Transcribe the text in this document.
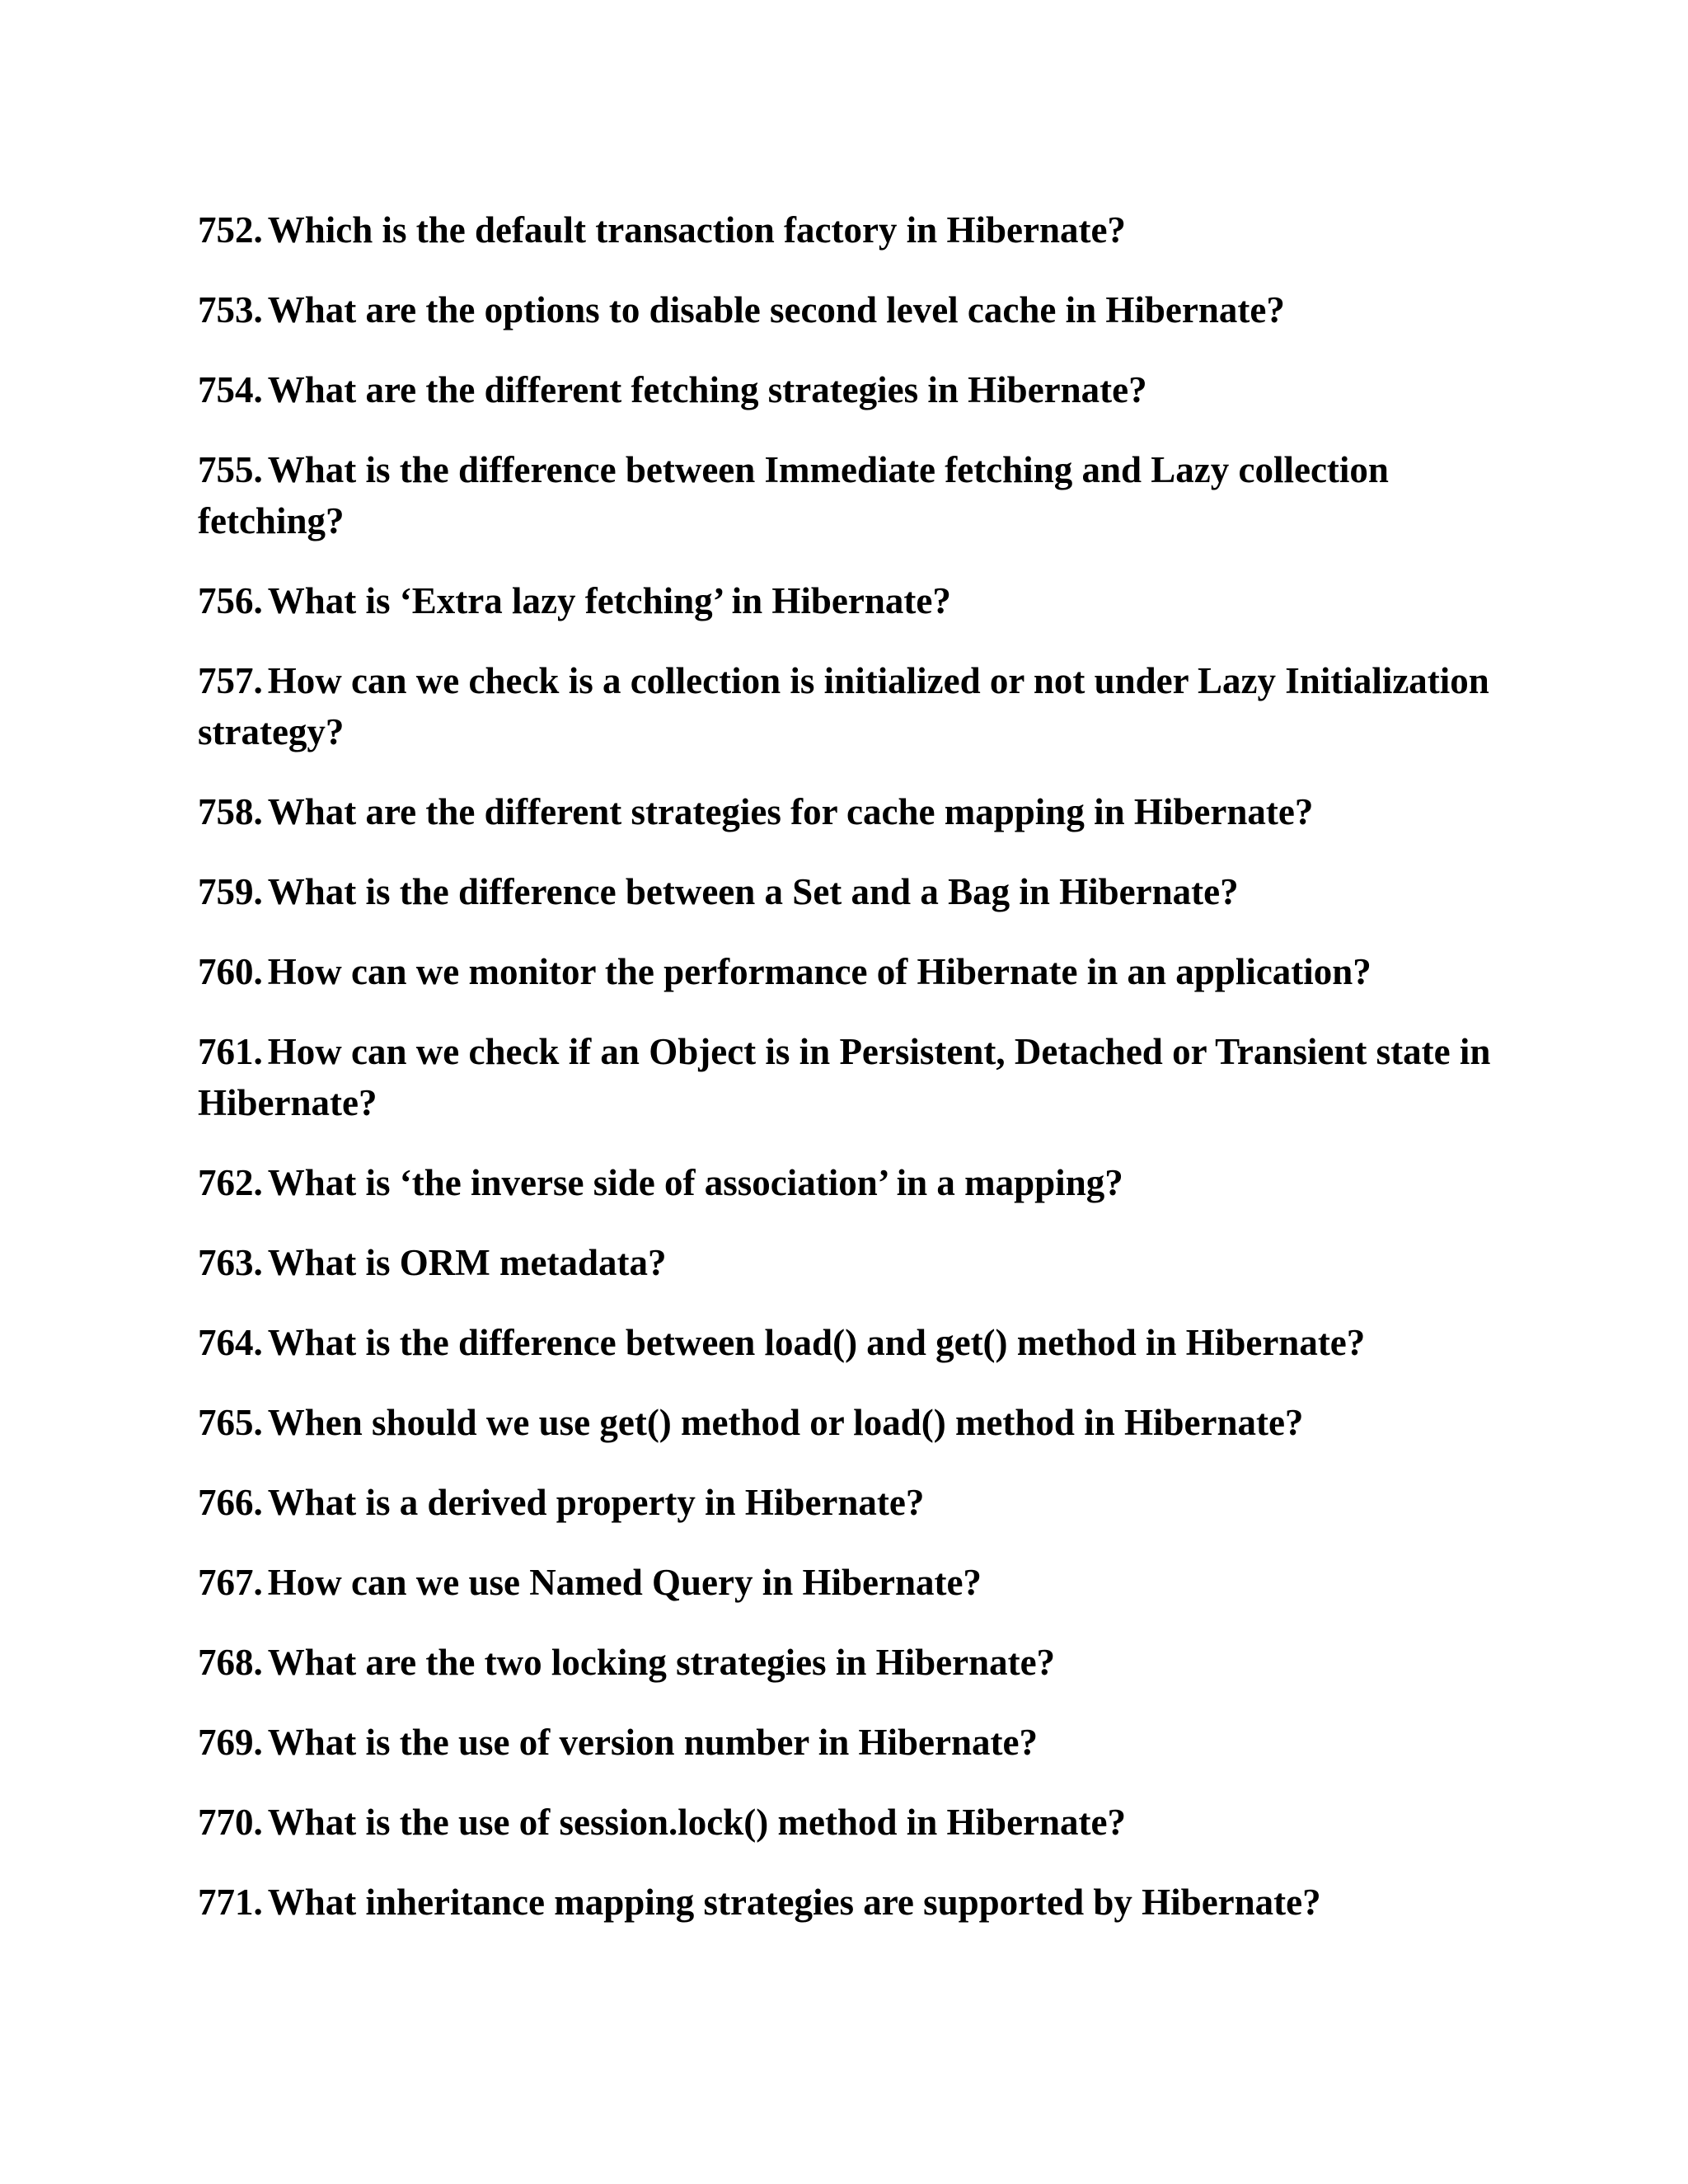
752. Which is the default transaction factory in Hibernate?
753. What are the options to disable second level cache in Hibernate?
754. What are the different fetching strategies in Hibernate?
755. What is the difference between Immediate fetching and Lazy collection fetching?
756. What is ‘Extra lazy fetching’ in Hibernate?
757. How can we check is a collection is initialized or not under Lazy Initialization strategy?
758. What are the different strategies for cache mapping in Hibernate?
759. What is the difference between a Set and a Bag in Hibernate?
760. How can we monitor the performance of Hibernate in an application?
761. How can we check if an Object is in Persistent, Detached or Transient state in Hibernate?
762. What is ‘the inverse side of association’ in a mapping?
763. What is ORM metadata?
764. What is the difference between load() and get() method in Hibernate?
765. When should we use get() method or load() method in Hibernate?
766. What is a derived property in Hibernate?
767. How can we use Named Query in Hibernate?
768. What are the two locking strategies in Hibernate?
769. What is the use of version number in Hibernate?
770. What is the use of session.lock() method in Hibernate?
771. What inheritance mapping strategies are supported by Hibernate?
